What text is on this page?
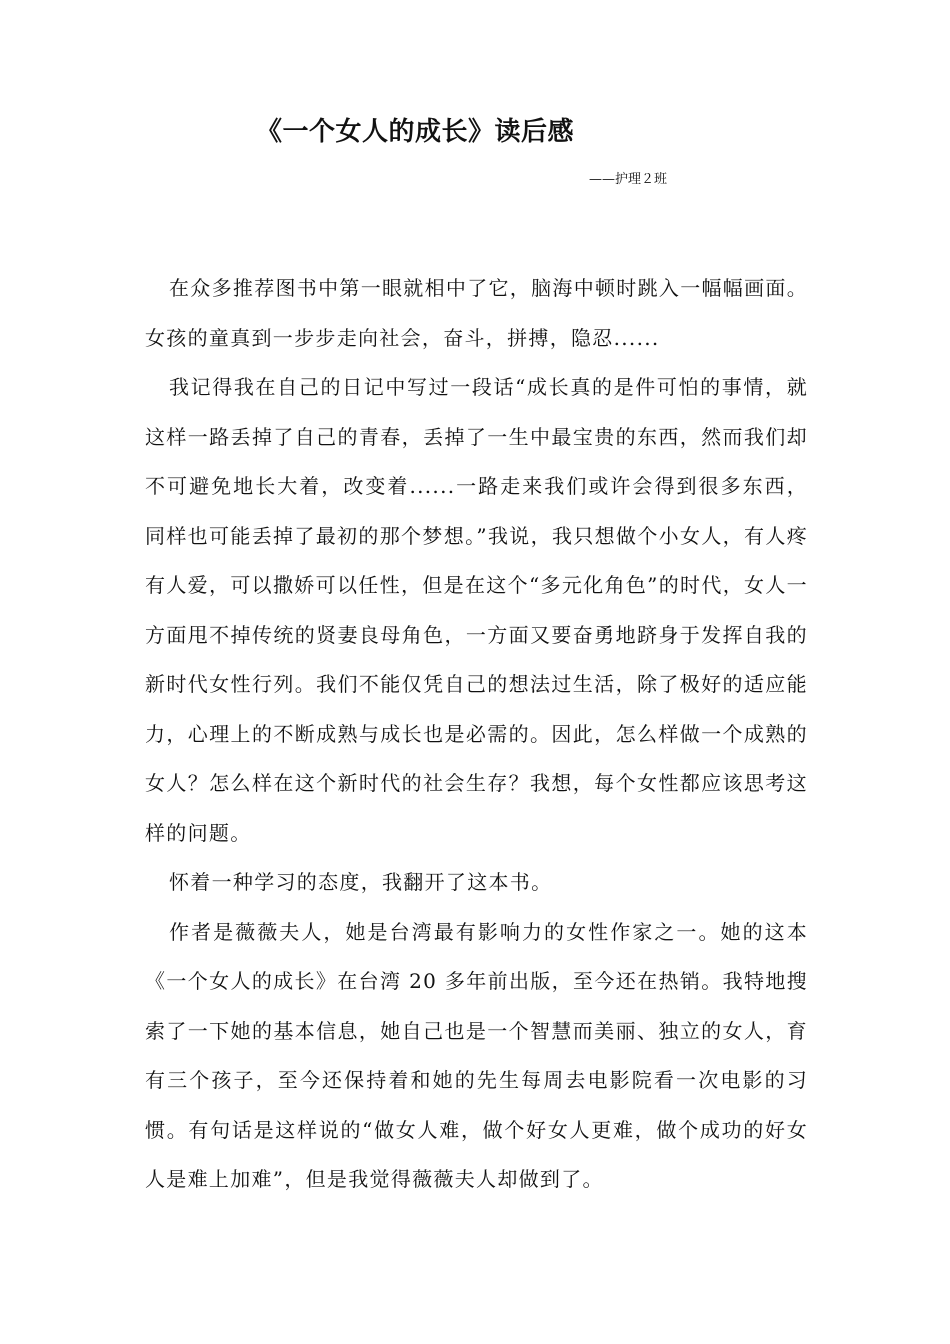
《一个女人的成长》读后感
——护理２班

在众多推荐图书中第一眼就相中了它，脑海中顿时跳入一幅幅画面。女孩的童真到一步步走向社会，奋斗，拼搏，隐忍......

我记得我在自己的日记中写过一段话“成长真的是件可怕的事情，就这样一路丢掉了自己的青春，丢掉了一生中最宝贵的东西，然而我们却不可避免地长大着，改变着......一路走来我们或许会得到很多东西，同样也可能丢掉了最初的那个梦想。”我说，我只想做个小女人，有人疼有人爱，可以撒娇可以任性，但是在这个“多元化角色”的时代，女人一方面甩不掉传统的贤妻良母角色，一方面又要奋勇地跻身于发挥自我的新时代女性行列。我们不能仅凭自己的想法过生活，除了极好的适应能力，心理上的不断成熟与成长也是必需的。因此，怎么样做一个成熟的女人？怎么样在这个新时代的社会生存？我想，每个女性都应该思考这样的问题。

怀着一种学习的态度，我翻开了这本书。

作者是薇薇夫人，她是台湾最有影响力的女性作家之一。她的这本《一个女人的成长》在台湾 20 多年前出版，至今还在热销。我特地搜索了一下她的基本信息，她自己也是一个智慧而美丽、独立的女人，育有三个孩子，至今还保持着和她的先生每周去电影院看一次电影的习惯。有句话是这样说的“做女人难，做个好女人更难，做个成功的好女人是难上加难”，但是我觉得薇薇夫人却做到了。
